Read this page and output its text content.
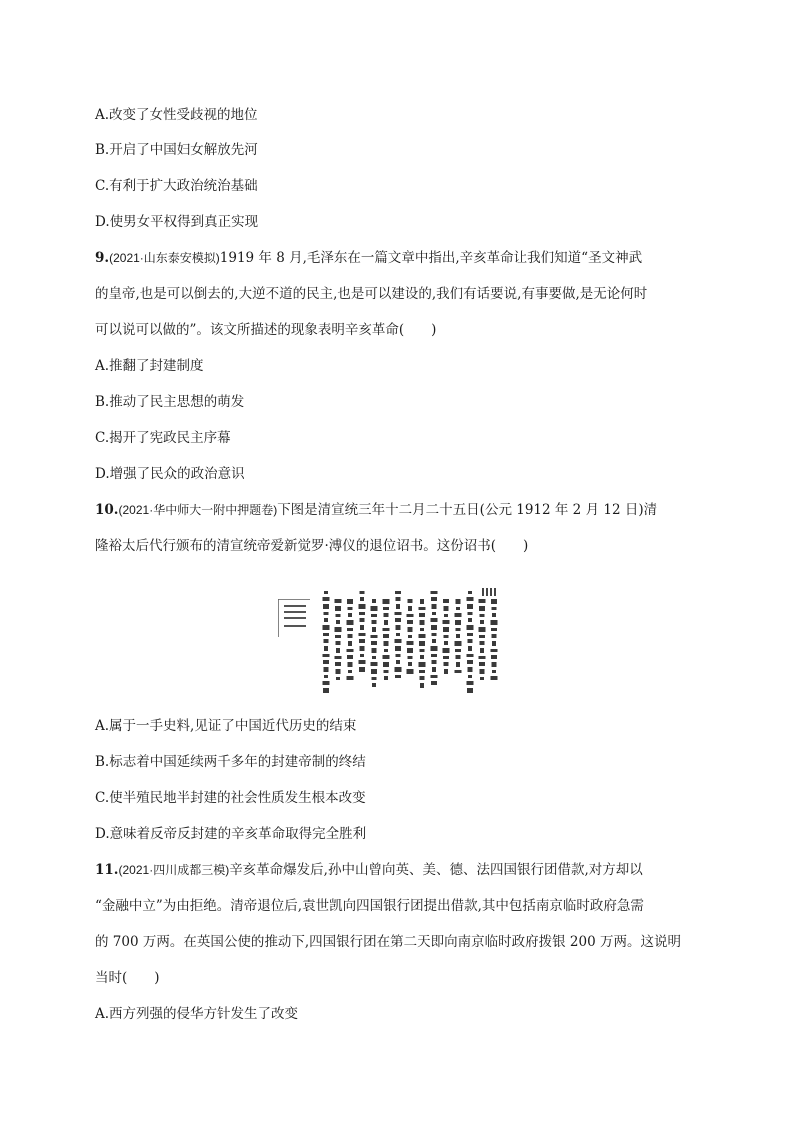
A.改变了女性受歧视的地位
B.开启了中国妇女解放先河
C.有利于扩大政治统治基础
D.使男女平权得到真正实现
9.(2021·山东泰安模拟)1919 年 8 月,毛泽东在一篇文章中指出,辛亥革命让我们知道“圣文神武
的皇帝,也是可以倒去的,大逆不道的民主,也是可以建设的,我们有话要说,有事要做,是无论何时
可以说可以做的”。该文所描述的现象表明辛亥革命(　　)
A.推翻了封建制度
B.推动了民主思想的萌发
C.揭开了宪政民主序幕
D.增强了民众的政治意识
10.(2021·华中师大一附中押题卷)下图是清宣统三年十二月二十五日(公元 1912 年 2 月 12 日)清
隆裕太后代行颁布的清宣统帝爱新觉罗·溥仪的退位诏书。这份诏书(　　)
A.属于一手史料,见证了中国近代历史的结束
B.标志着中国延续两千多年的封建帝制的终结
C.使半殖民地半封建的社会性质发生根本改变
D.意味着反帝反封建的辛亥革命取得完全胜利
11.(2021·四川成都三模)辛亥革命爆发后,孙中山曾向英、美、德、法四国银行团借款,对方却以
“金融中立”为由拒绝。清帝退位后,袁世凯向四国银行团提出借款,其中包括南京临时政府急需
的 700 万两。在英国公使的推动下,四国银行团在第二天即向南京临时政府拨银 200 万两。这说明
当时(　　)
A.西方列强的侵华方针发生了改变
